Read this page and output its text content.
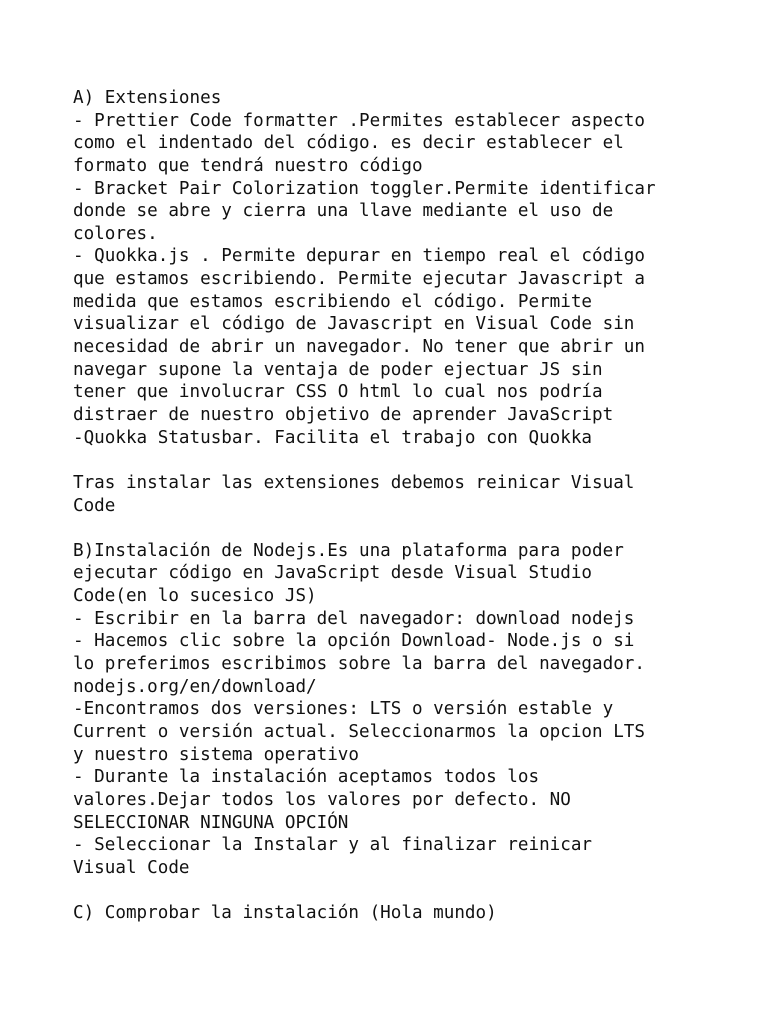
A) Extensiones
- Prettier Code formatter .Permites establecer aspecto
como el indentado del código. es decir establecer el
formato que tendrá nuestro código
- Bracket Pair Colorization toggler.Permite identificar
donde se abre y cierra una llave mediante el uso de
colores.
- Quokka.js . Permite depurar en tiempo real el código
que estamos escribiendo. Permite ejecutar Javascript a
medida que estamos escribiendo el código. Permite
visualizar el código de Javascript en Visual Code sin
necesidad de abrir un navegador. No tener que abrir un
navegar supone la ventaja de poder ejectuar JS sin
tener que involucrar CSS O html lo cual nos podría
distraer de nuestro objetivo de aprender JavaScript
-Quokka Statusbar. Facilita el trabajo con Quokka
Tras instalar las extensiones debemos reinicar Visual
Code
B)Instalación de Nodejs.Es una plataforma para poder
ejecutar código en JavaScript desde Visual Studio
Code(en lo sucesico JS)
- Escribir en la barra del navegador: download nodejs
- Hacemos clic sobre la opción Download- Node.js o si
lo preferimos escribimos sobre la barra del navegador.
nodejs.org/en/download/
-Encontramos dos versiones: LTS o versión estable y
Current o versión actual. Seleccionarmos la opcion LTS
y nuestro sistema operativo
- Durante la instalación aceptamos todos los
valores.Dejar todos los valores por defecto. NO
SELECCIONAR NINGUNA OPCIÓN
- Seleccionar la Instalar y al finalizar reinicar
Visual Code
C) Comprobar la instalación (Hola mundo)
